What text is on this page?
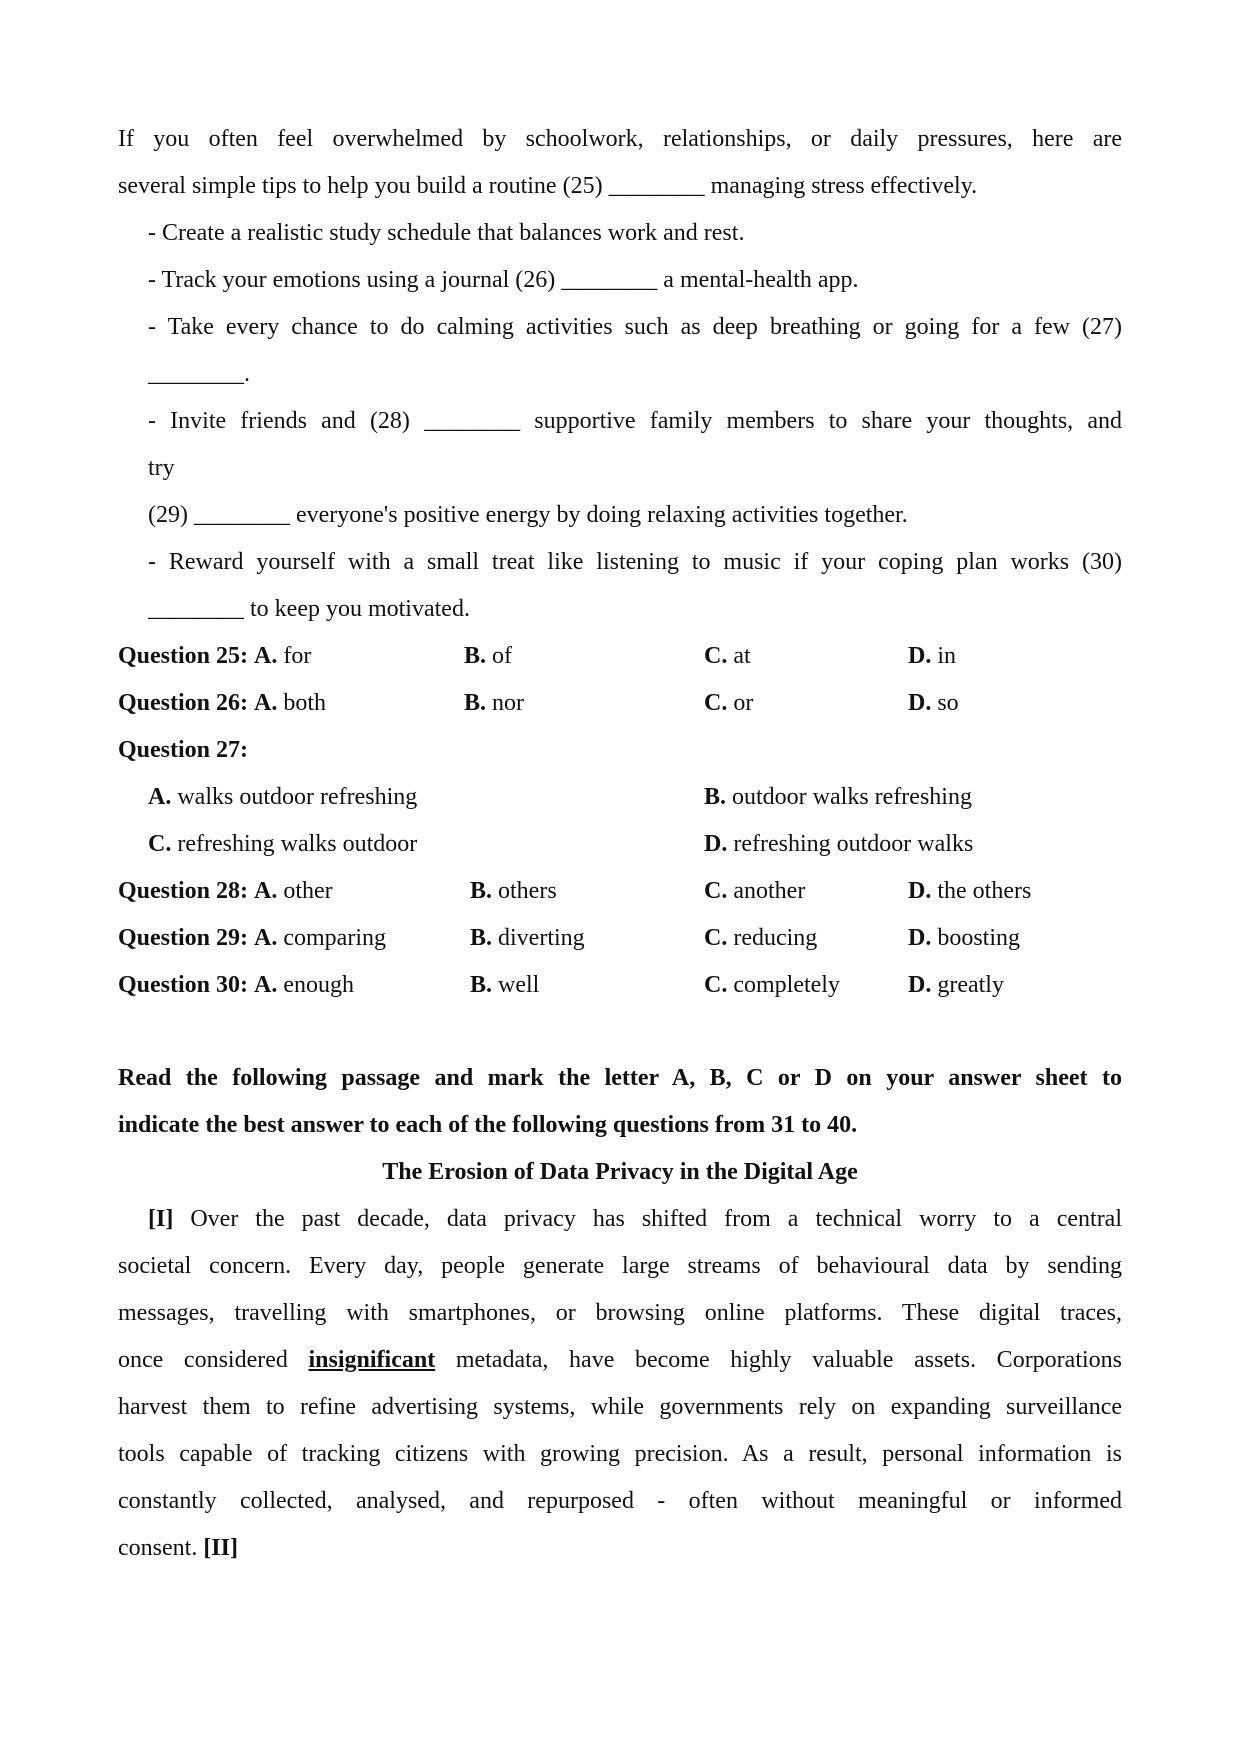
If you often feel overwhelmed by schoolwork, relationships, or daily pressures, here are
several simple tips to help you build a routine (25) ________ managing stress effectively.
- Create a realistic study schedule that balances work and rest.
- Track your emotions using a journal (26) ________ a mental-health app.
- Take every chance to do calming activities such as deep breathing or going for a few (27)
________.
- Invite friends and (28) ________ supportive family members to share your thoughts, and
try
(29) ________ everyone's positive energy by doing relaxing activities together.
- Reward yourself with a small treat like listening to music if your coping plan works (30)
________ to keep you motivated.
Question 25: A. for	B. of	C. at	D. in
Question 26: A. both	B. nor	C. or	D. so
Question 27:
A. walks outdoor refreshing	B. outdoor walks refreshing
C. refreshing walks outdoor	D. refreshing outdoor walks
Question 28: A. other	B. others	C. another	D. the others
Question 29: A. comparing	B. diverting	C. reducing	D. boosting
Question 30: A. enough	B. well	C. completely	D. greatly
Read the following passage and mark the letter A, B, C or D on your answer sheet to
indicate the best answer to each of the following questions from 31 to 40.
The Erosion of Data Privacy in the Digital Age
[I] Over the past decade, data privacy has shifted from a technical worry to a central
societal concern. Every day, people generate large streams of behavioural data by sending
messages, travelling with smartphones, or browsing online platforms. These digital traces,
once considered insignificant metadata, have become highly valuable assets. Corporations
harvest them to refine advertising systems, while governments rely on expanding surveillance
tools capable of tracking citizens with growing precision. As a result, personal information is
constantly collected, analysed, and repurposed - often without meaningful or informed
consent. [II]
